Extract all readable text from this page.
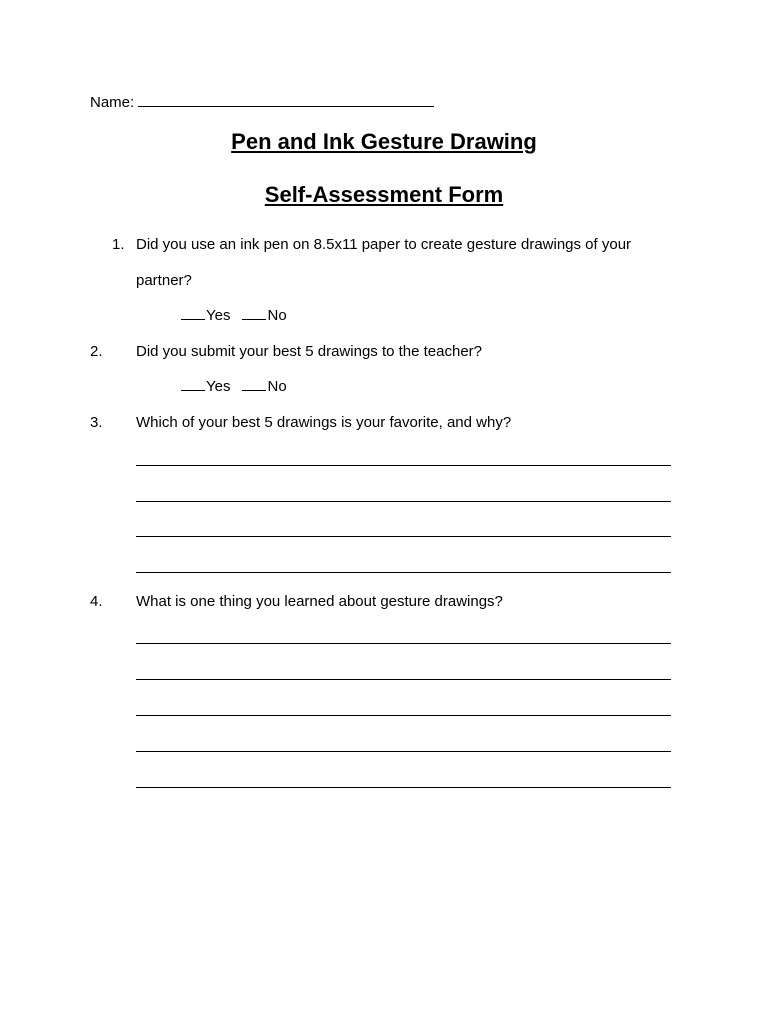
Name:
Pen and Ink Gesture Drawing
Self-Assessment Form
1. Did you use an ink pen on 8.5x11 paper to create gesture drawings of your
partner?
Yes No
2. Did you submit your best 5 drawings to the teacher?
Yes No
3. Which of your best 5 drawings is your favorite, and why?
4. What is one thing you learned about gesture drawings?
